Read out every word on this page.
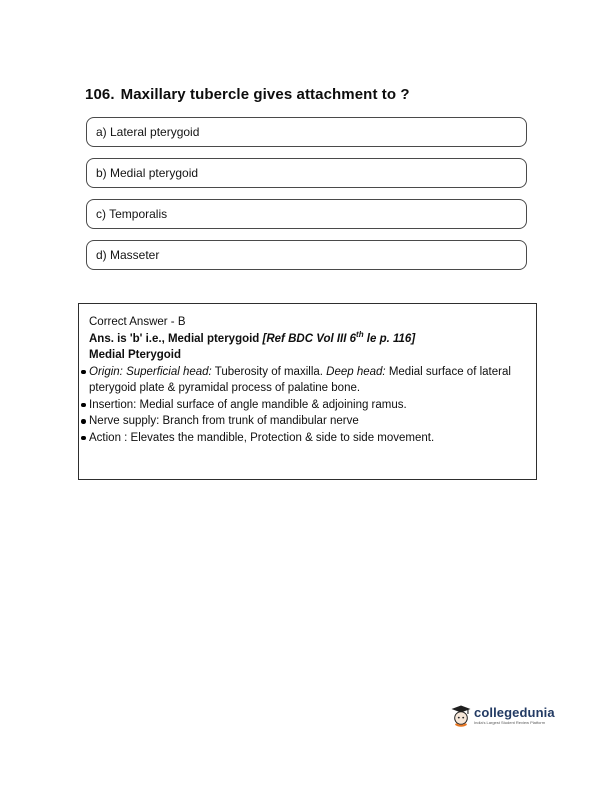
106. Maxillary tubercle gives attachment to ?
a) Lateral pterygoid
b) Medial pterygoid
c) Temporalis
d) Masseter
Correct Answer - B
Ans. is 'b' i.e., Medial pterygoid [Ref BDC Vol III 6th le p. 116]
Medial Pterygoid
Origin: Superficial head: Tuberosity of maxilla. Deep head: Medial surface of lateral pterygoid plate & pyramidal process of palatine bone.
Insertion: Medial surface of angle mandible & adjoining ramus.
Nerve supply: Branch from trunk of mandibular nerve
Action : Elevates the mandible, Protection & side to side movement.
collegedunia
India's Largest Student Review Platform
